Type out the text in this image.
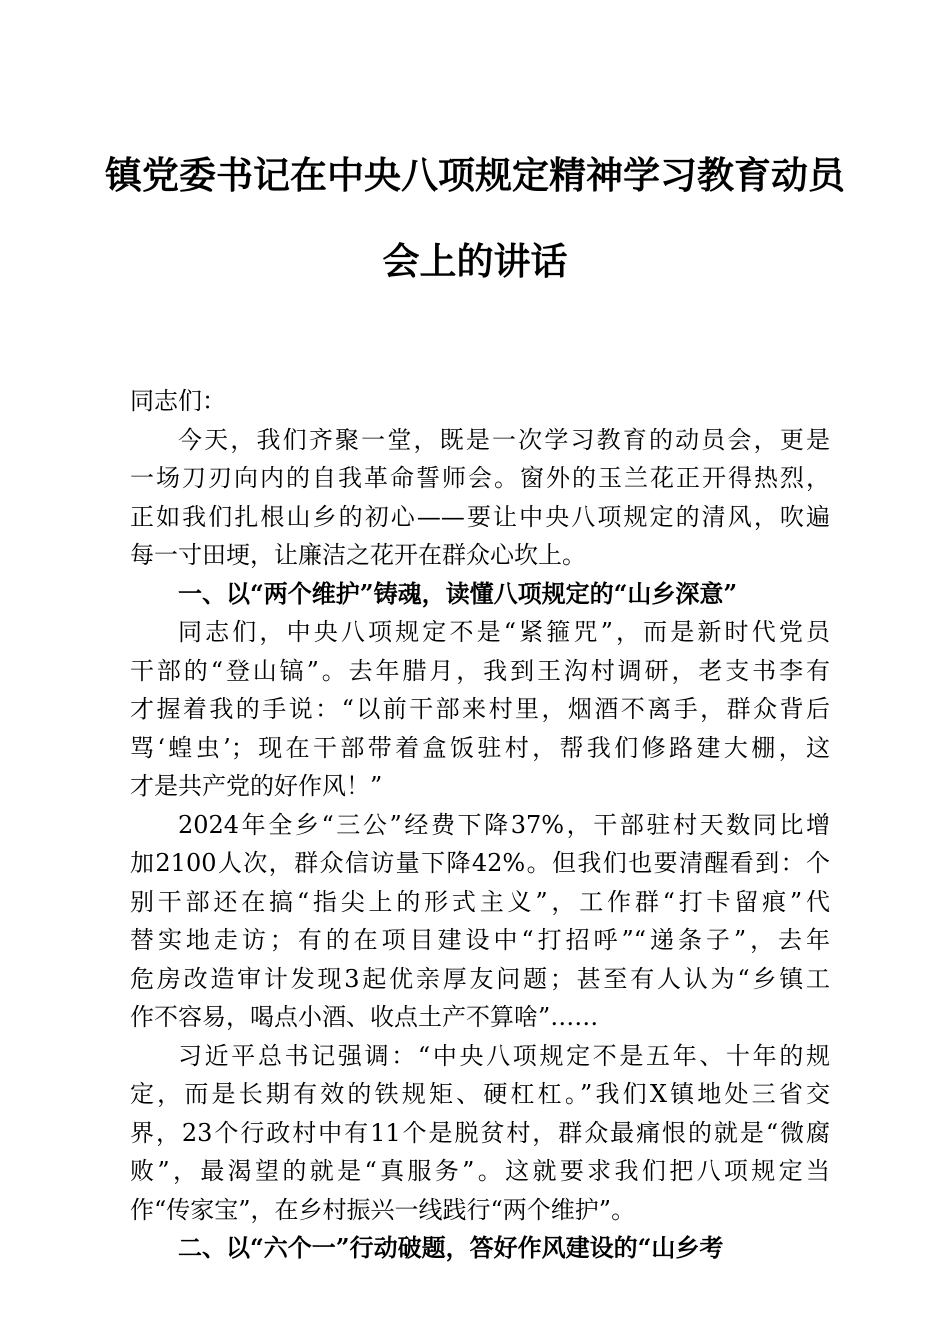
镇党委书记在中央八项规定精神学习教育动员
会上的讲话

同志们：

今天，我们齐聚一堂，既是一次学习教育的动员会，更是
一场刀刃向内的自我革命誓师会。窗外的玉兰花正开得热烈，
正如我们扎根山乡的初心——要让中央八项规定的清风，吹遍
每一寸田埂，让廉洁之花开在群众心坎上。

一、以“两个维护”铸魂，读懂八项规定的“山乡深意”

同志们，中央八项规定不是“紧箍咒”，而是新时代党员
干部的“登山镐”。去年腊月，我到王沟村调研，老支书李有
才握着我的手说：“以前干部来村里，烟酒不离手，群众背后
骂‘蝗虫’；现在干部带着盒饭驻村，帮我们修路建大棚，这
才是共产党的好作风！”

2024年全乡“三公”经费下降37%，干部驻村天数同比增
加2100人次，群众信访量下降42%。但我们也要清醒看到：个
别干部还在搞“指尖上的形式主义”，工作群“打卡留痕”代
替实地走访；有的在项目建设中“打招呼”“递条子”，去年
危房改造审计发现3起优亲厚友问题；甚至有人认为“乡镇工
作不容易，喝点小酒、收点土产不算啥”……

习近平总书记强调：“中央八项规定不是五年、十年的规
定，而是长期有效的铁规矩、硬杠杠。”我们X镇地处三省交
界，23个行政村中有11个是脱贫村，群众最痛恨的就是“微腐
败”，最渴望的就是“真服务”。这就要求我们把八项规定当
作“传家宝”，在乡村振兴一线践行“两个维护”。

二、以“六个一”行动破题，答好作风建设的“山乡考
